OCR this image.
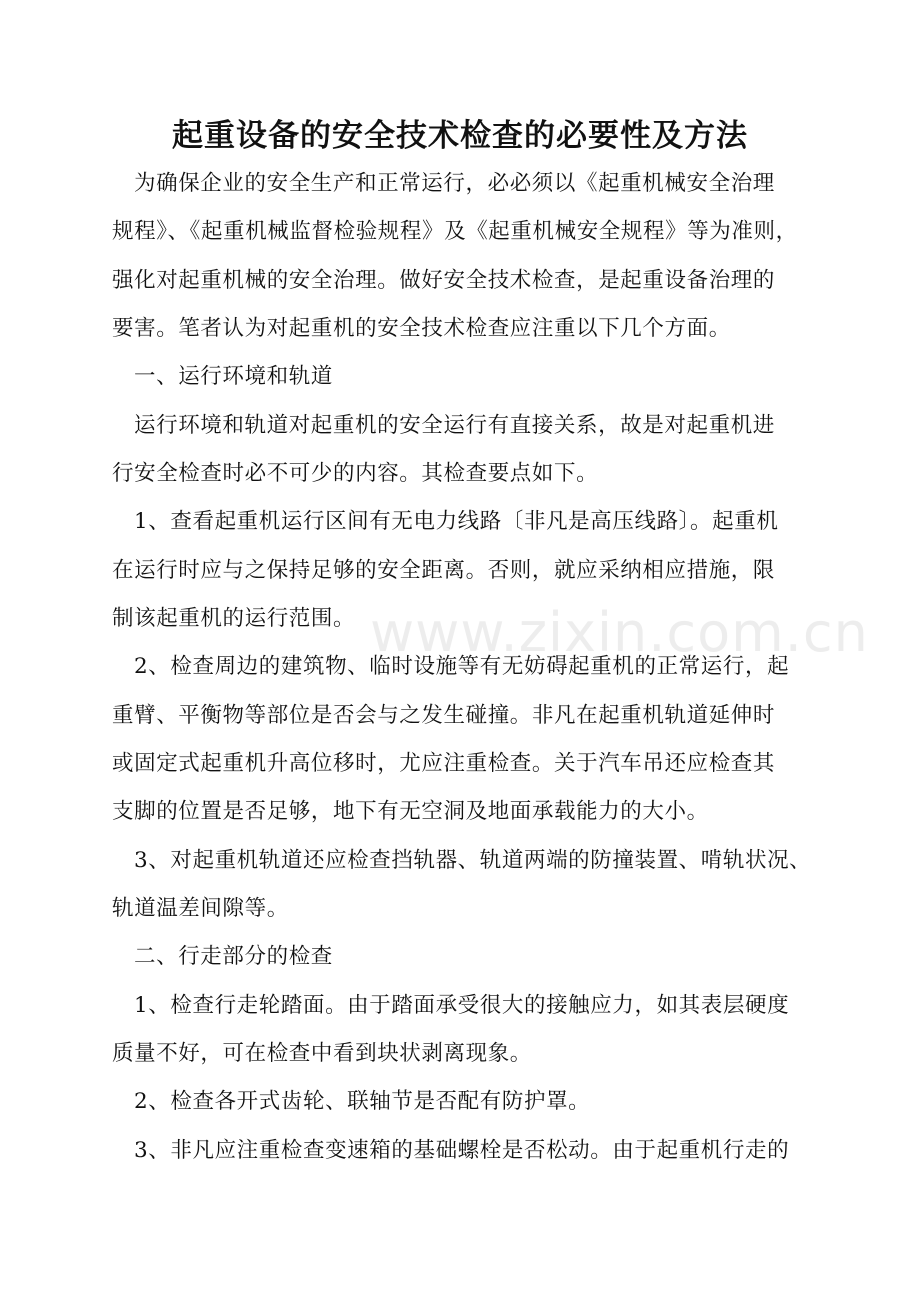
起重设备的安全技术检查的必要性及方法
为确保企业的安全生产和正常运行，必必须以《起重机械安全治理
规程》、《起重机械监督检验规程》及《起重机械安全规程》等为准则，
强化对起重机械的安全治理。做好安全技术检查，是起重设备治理的
要害。笔者认为对起重机的安全技术检查应注重以下几个方面。
一、运行环境和轨道
运行环境和轨道对起重机的安全运行有直接关系，故是对起重机进
行安全检查时必不可少的内容。其检查要点如下。
1、查看起重机运行区间有无电力线路〔非凡是高压线路〕。起重机
在运行时应与之保持足够的安全距离。否则，就应采纳相应措施，限
制该起重机的运行范围。
2、检查周边的建筑物、临时设施等有无妨碍起重机的正常运行，起
重臂、平衡物等部位是否会与之发生碰撞。非凡在起重机轨道延伸时
或固定式起重机升高位移时，尤应注重检查。关于汽车吊还应检查其
支脚的位置是否足够，地下有无空洞及地面承载能力的大小。
3、对起重机轨道还应检查挡轨器、轨道两端的防撞装置、啃轨状况、
轨道温差间隙等。
二、行走部分的检查
1、检查行走轮踏面。由于踏面承受很大的接触应力，如其表层硬度
质量不好，可在检查中看到块状剥离现象。
2、检查各开式齿轮、联轴节是否配有防护罩。
3、非凡应注重检查变速箱的基础螺栓是否松动。由于起重机行走的
www.zixin.com.cn
